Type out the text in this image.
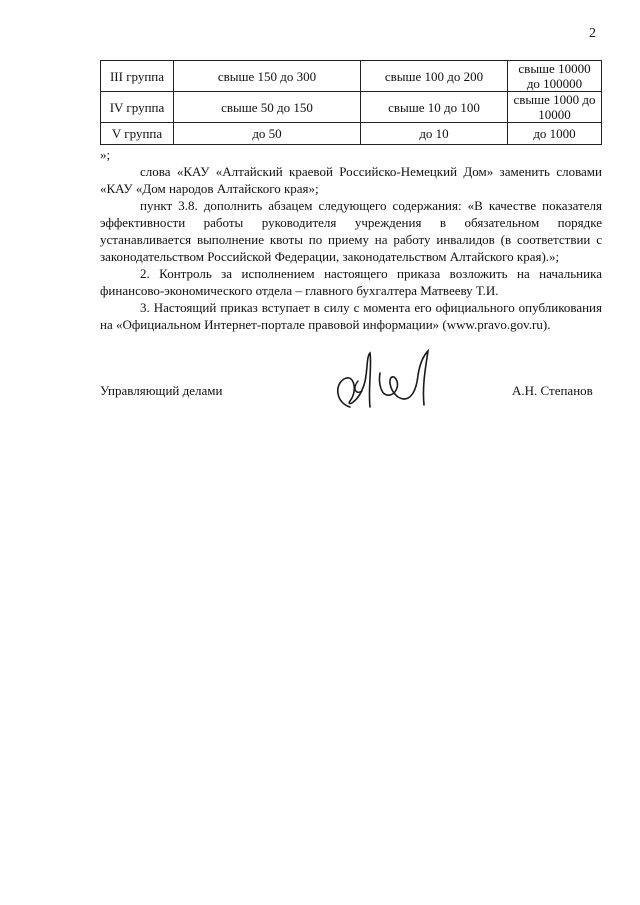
2
III группа	свыше 150 до 300	свыше 100 до 200	свыше 10000 до 100000
IV группа	свыше 50 до 150	свыше 10 до 100	свыше 1000 до 10000
V группа	до 50	до 10	до 1000
»;

слова «КАУ «Алтайский краевой Российско-Немецкий Дом» заменить словами «КАУ «Дом народов Алтайского края»;

пункт 3.8. дополнить абзацем следующего содержания: «В качестве показателя эффективности работы руководителя учреждения в обязательном порядке устанавливается выполнение квоты по приему на работу инвалидов (в соответствии с законодательством Российской Федерации, законодательством Алтайского края).»;

2. Контроль за исполнением настоящего приказа возложить на начальника финансово-экономического отдела – главного бухгалтера Матвееву Т.И.

3. Настоящий приказ вступает в силу с момента его официального опубликования на «Официальном Интернет-портале правовой информации» (www.pravo.gov.ru).

Управляющий делами	А.Н. Степанов
